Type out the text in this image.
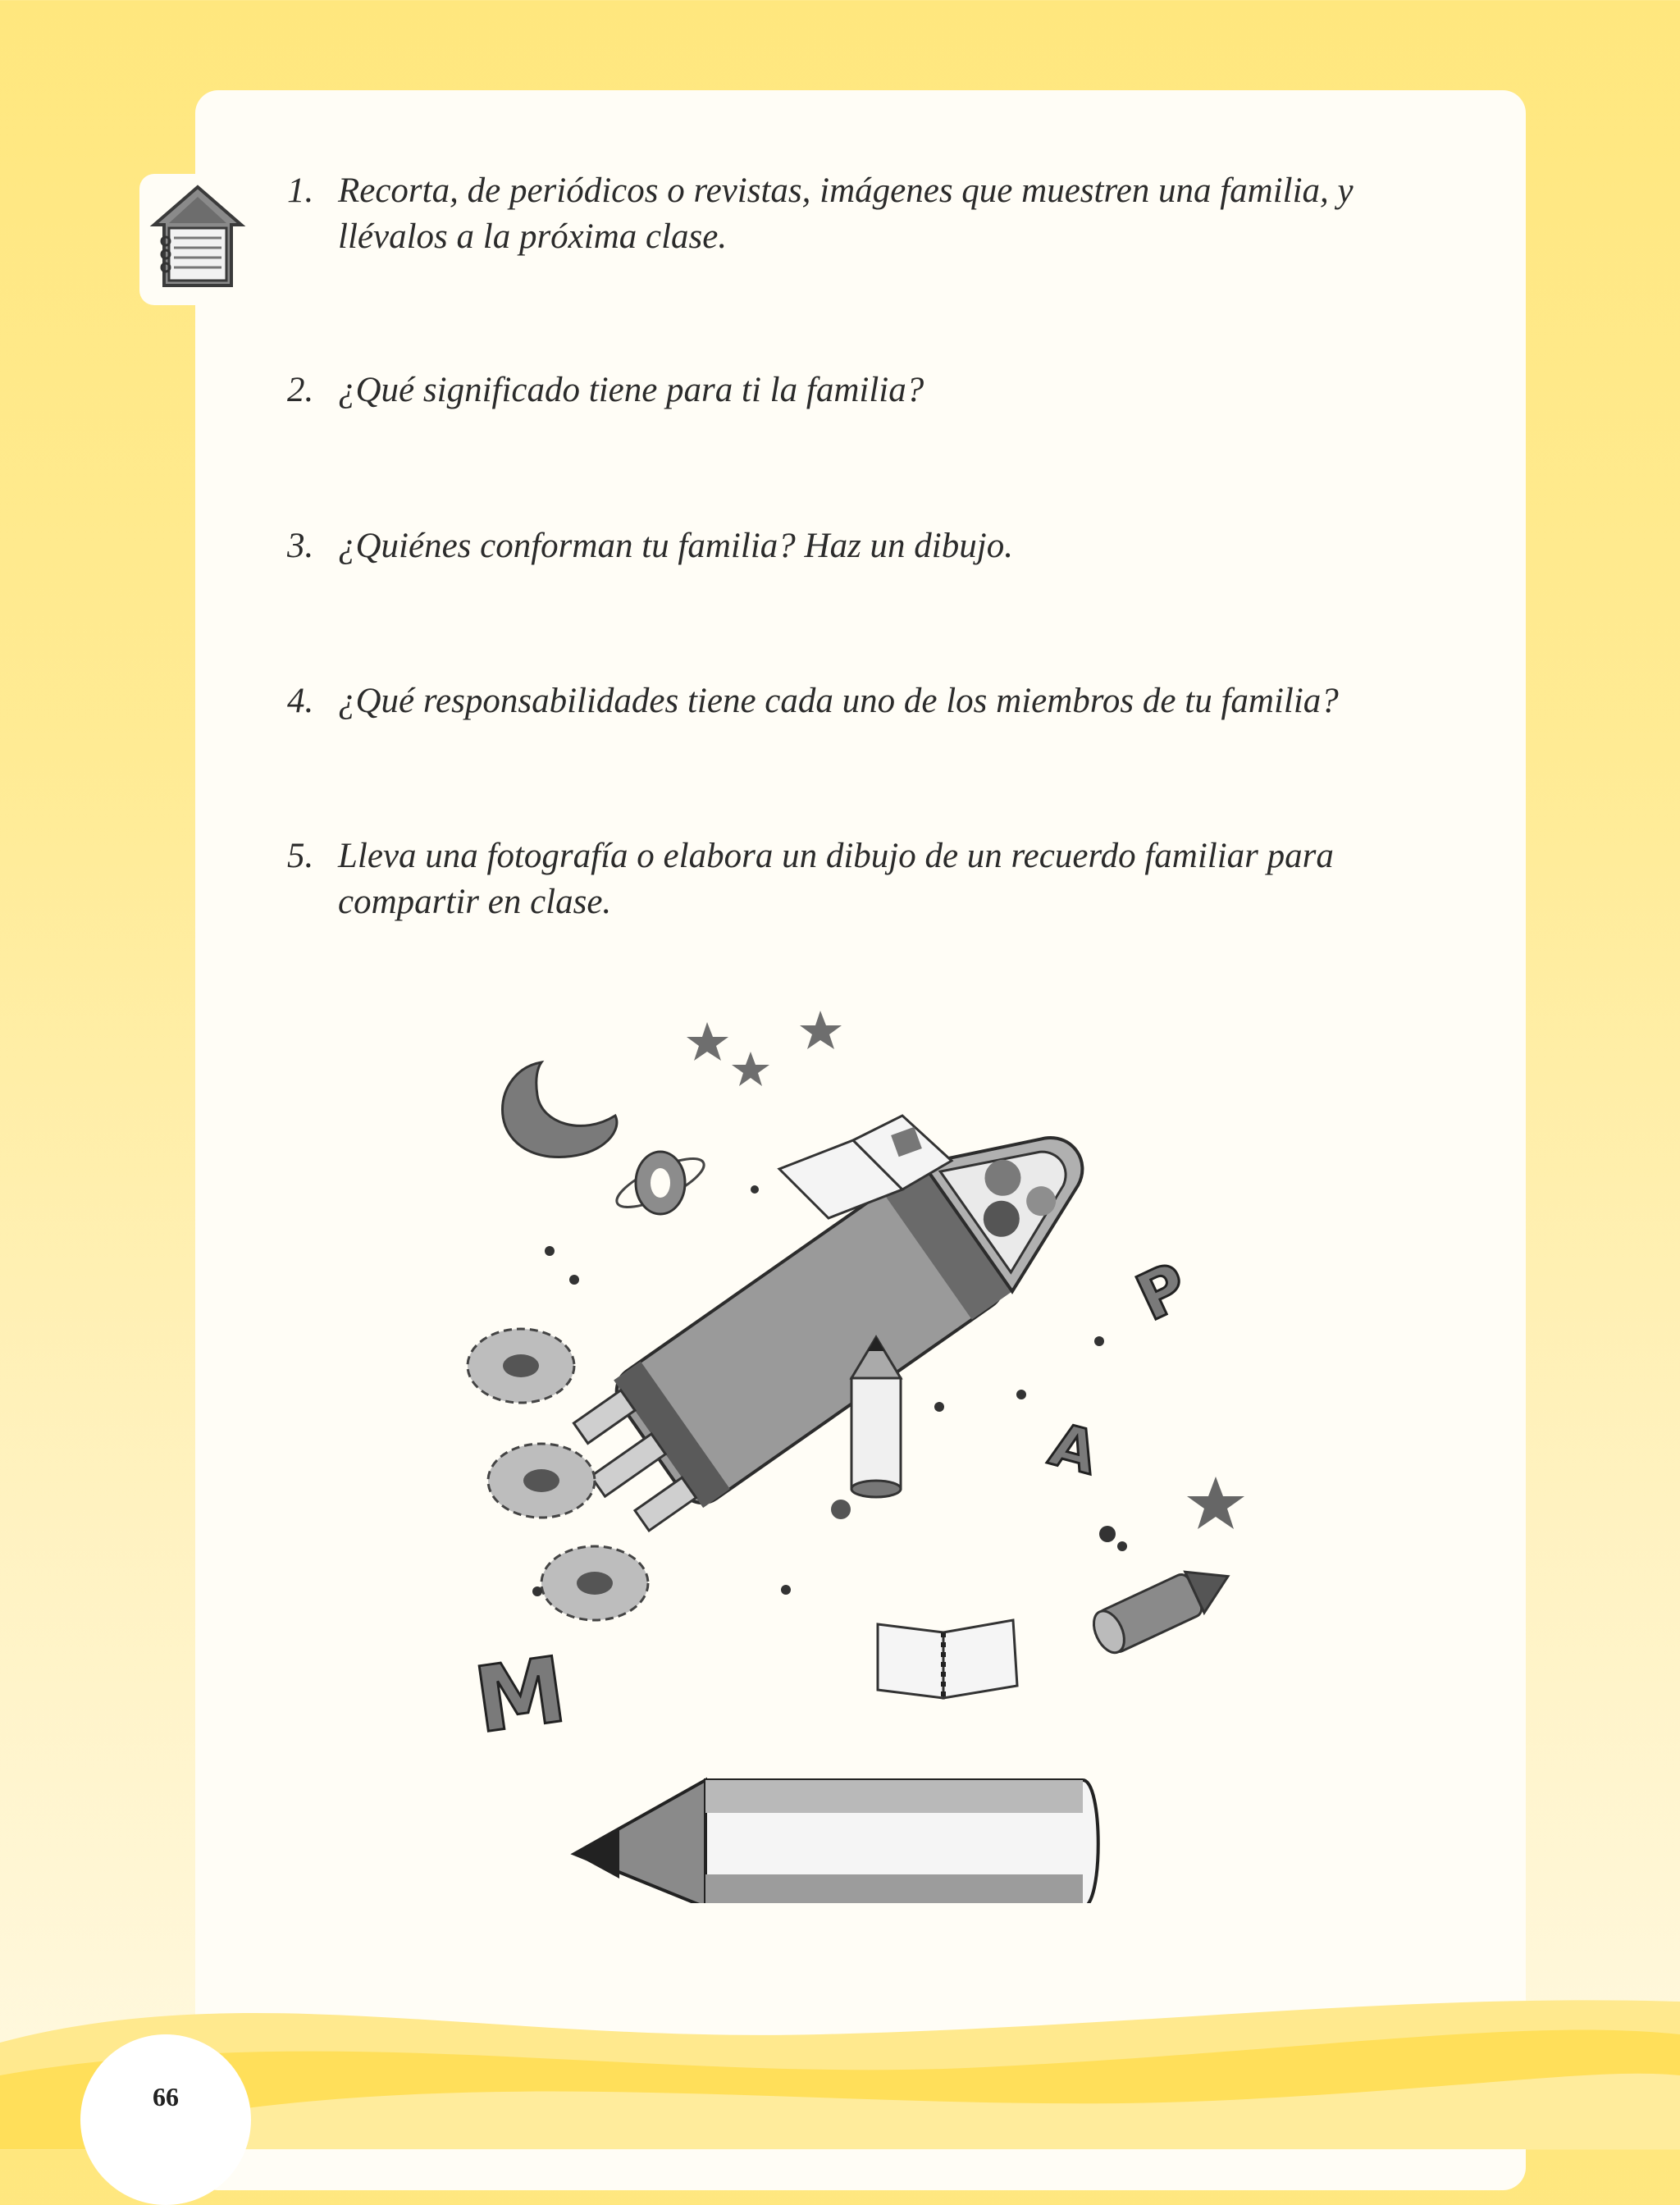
1. Recorta, de periódicos o revistas, imágenes que muestren una familia, y llévalos a la próxima clase.
2. ¿Qué significado tiene para ti la familia?
3. ¿Quiénes conforman tu familia? Haz un dibujo.
4. ¿Qué responsabilidades tiene cada uno de los miembros de tu familia?
5. Lleva una fotografía o elabora un dibujo de un recuerdo familiar para compartir en clase.
P
A
M
O
66
